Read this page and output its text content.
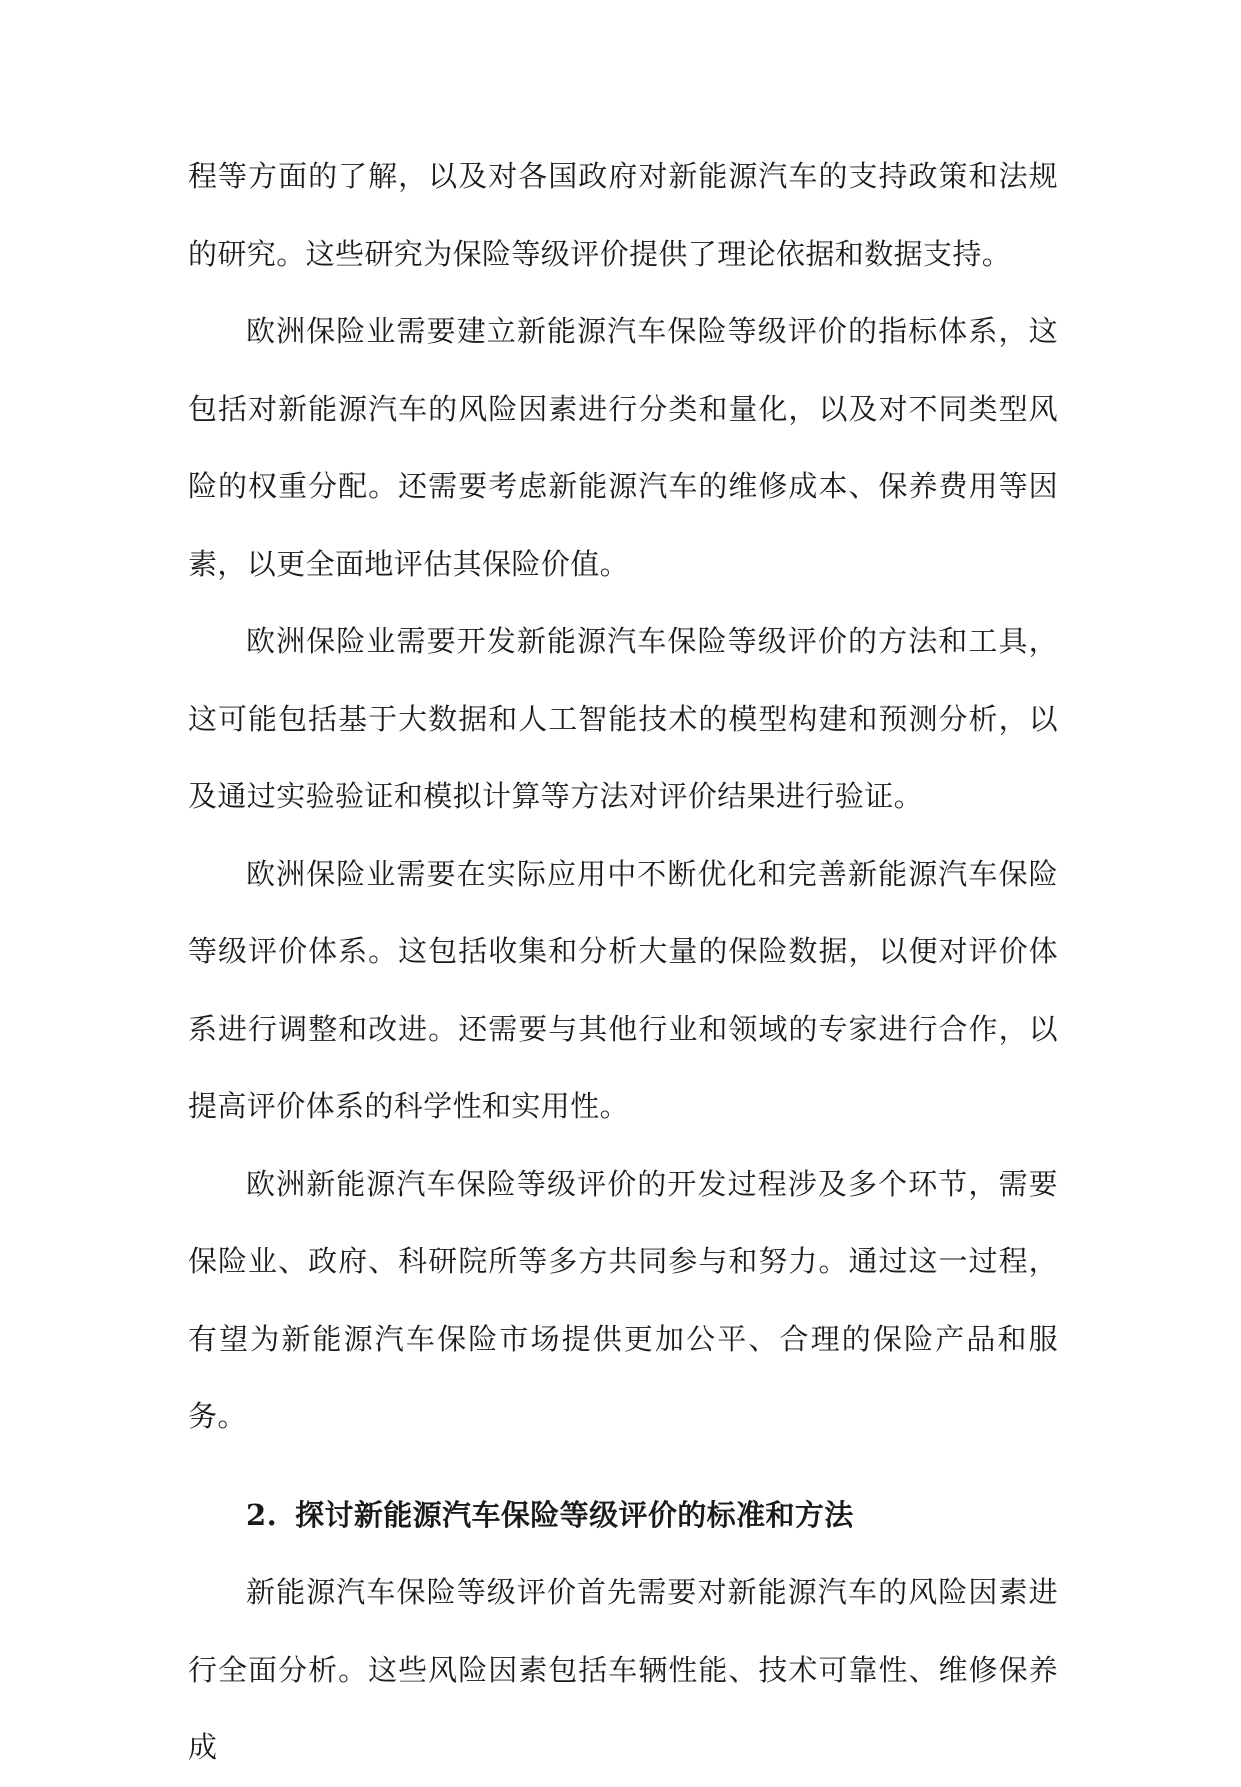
程等方面的了解，以及对各国政府对新能源汽车的支持政策和法规的研究。这些研究为保险等级评价提供了理论依据和数据支持。

欧洲保险业需要建立新能源汽车保险等级评价的指标体系，这包括对新能源汽车的风险因素进行分类和量化，以及对不同类型风险的权重分配。还需要考虑新能源汽车的维修成本、保养费用等因素，以更全面地评估其保险价值。

欧洲保险业需要开发新能源汽车保险等级评价的方法和工具，这可能包括基于大数据和人工智能技术的模型构建和预测分析，以及通过实验验证和模拟计算等方法对评价结果进行验证。

欧洲保险业需要在实际应用中不断优化和完善新能源汽车保险等级评价体系。这包括收集和分析大量的保险数据，以便对评价体系进行调整和改进。还需要与其他行业和领域的专家进行合作，以提高评价体系的科学性和实用性。

欧洲新能源汽车保险等级评价的开发过程涉及多个环节，需要保险业、政府、科研院所等多方共同参与和努力。通过这一过程，有望为新能源汽车保险市场提供更加公平、合理的保险产品和服务。

2. 探讨新能源汽车保险等级评价的标准和方法

新能源汽车保险等级评价首先需要对新能源汽车的风险因素进行全面分析。这些风险因素包括车辆性能、技术可靠性、维修保养成
